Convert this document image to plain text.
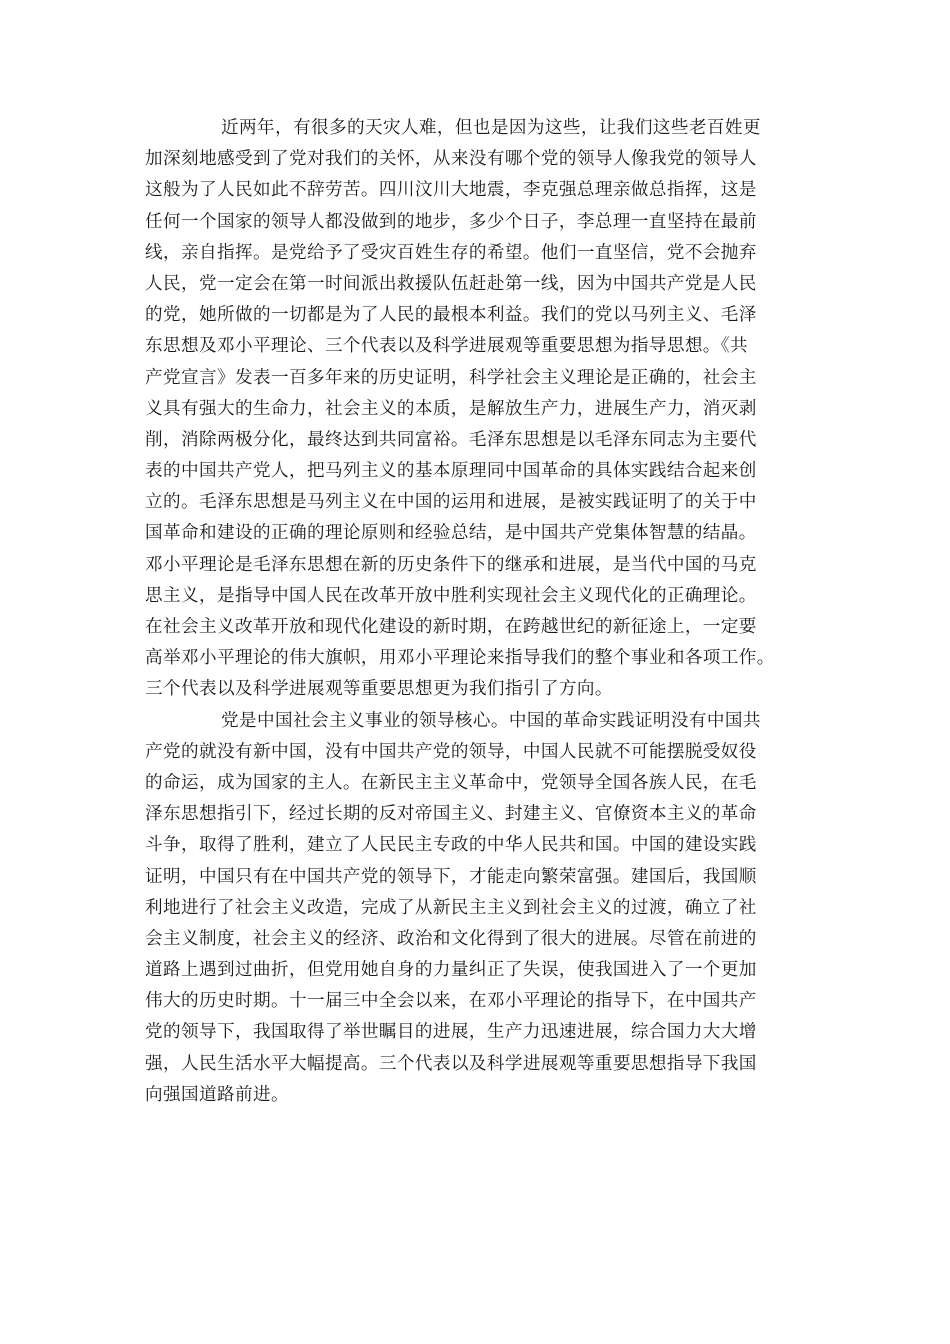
近两年，有很多的天灾人难，但也是因为这些，让我们这些老百姓更
加深刻地感受到了党对我们的关怀，从来没有哪个党的领导人像我党的领导人
这般为了人民如此不辞劳苦。四川汶川大地震，李克强总理亲做总指挥，这是
任何一个国家的领导人都没做到的地步，多少个日子，李总理一直坚持在最前
线，亲自指挥。是党给予了受灾百姓生存的希望。他们一直坚信，党不会抛弃
人民，党一定会在第一时间派出救援队伍赶赴第一线，因为中国共产党是人民
的党，她所做的一切都是为了人民的最根本利益。我们的党以马列主义、毛泽
东思想及邓小平理论、三个代表以及科学进展观等重要思想为指导思想。《共
产党宣言》发表一百多年来的历史证明，科学社会主义理论是正确的，社会主
义具有强大的生命力，社会主义的本质，是解放生产力，进展生产力，消灭剥
削，消除两极分化，最终达到共同富裕。毛泽东思想是以毛泽东同志为主要代
表的中国共产党人，把马列主义的基本原理同中国革命的具体实践结合起来创
立的。毛泽东思想是马列主义在中国的运用和进展，是被实践证明了的关于中
国革命和建设的正确的理论原则和经验总结，是中国共产党集体智慧的结晶。
邓小平理论是毛泽东思想在新的历史条件下的继承和进展，是当代中国的马克
思主义，是指导中国人民在改革开放中胜利实现社会主义现代化的正确理论。
在社会主义改革开放和现代化建设的新时期，在跨越世纪的新征途上，一定要
高举邓小平理论的伟大旗帜，用邓小平理论来指导我们的整个事业和各项工作。
三个代表以及科学进展观等重要思想更为我们指引了方向。
党是中国社会主义事业的领导核心。中国的革命实践证明没有中国共
产党的就没有新中国，没有中国共产党的领导，中国人民就不可能摆脱受奴役
的命运，成为国家的主人。在新民主主义革命中，党领导全国各族人民，在毛
泽东思想指引下，经过长期的反对帝国主义、封建主义、官僚资本主义的革命
斗争，取得了胜利，建立了人民民主专政的中华人民共和国。中国的建设实践
证明，中国只有在中国共产党的领导下，才能走向繁荣富强。建国后，我国顺
利地进行了社会主义改造，完成了从新民主主义到社会主义的过渡，确立了社
会主义制度，社会主义的经济、政治和文化得到了很大的进展。尽管在前进的
道路上遇到过曲折，但党用她自身的力量纠正了失误，使我国进入了一个更加
伟大的历史时期。十一届三中全会以来，在邓小平理论的指导下，在中国共产
党的领导下，我国取得了举世瞩目的进展，生产力迅速进展，综合国力大大增
强，人民生活水平大幅提高。三个代表以及科学进展观等重要思想指导下我国
向强国道路前进。
